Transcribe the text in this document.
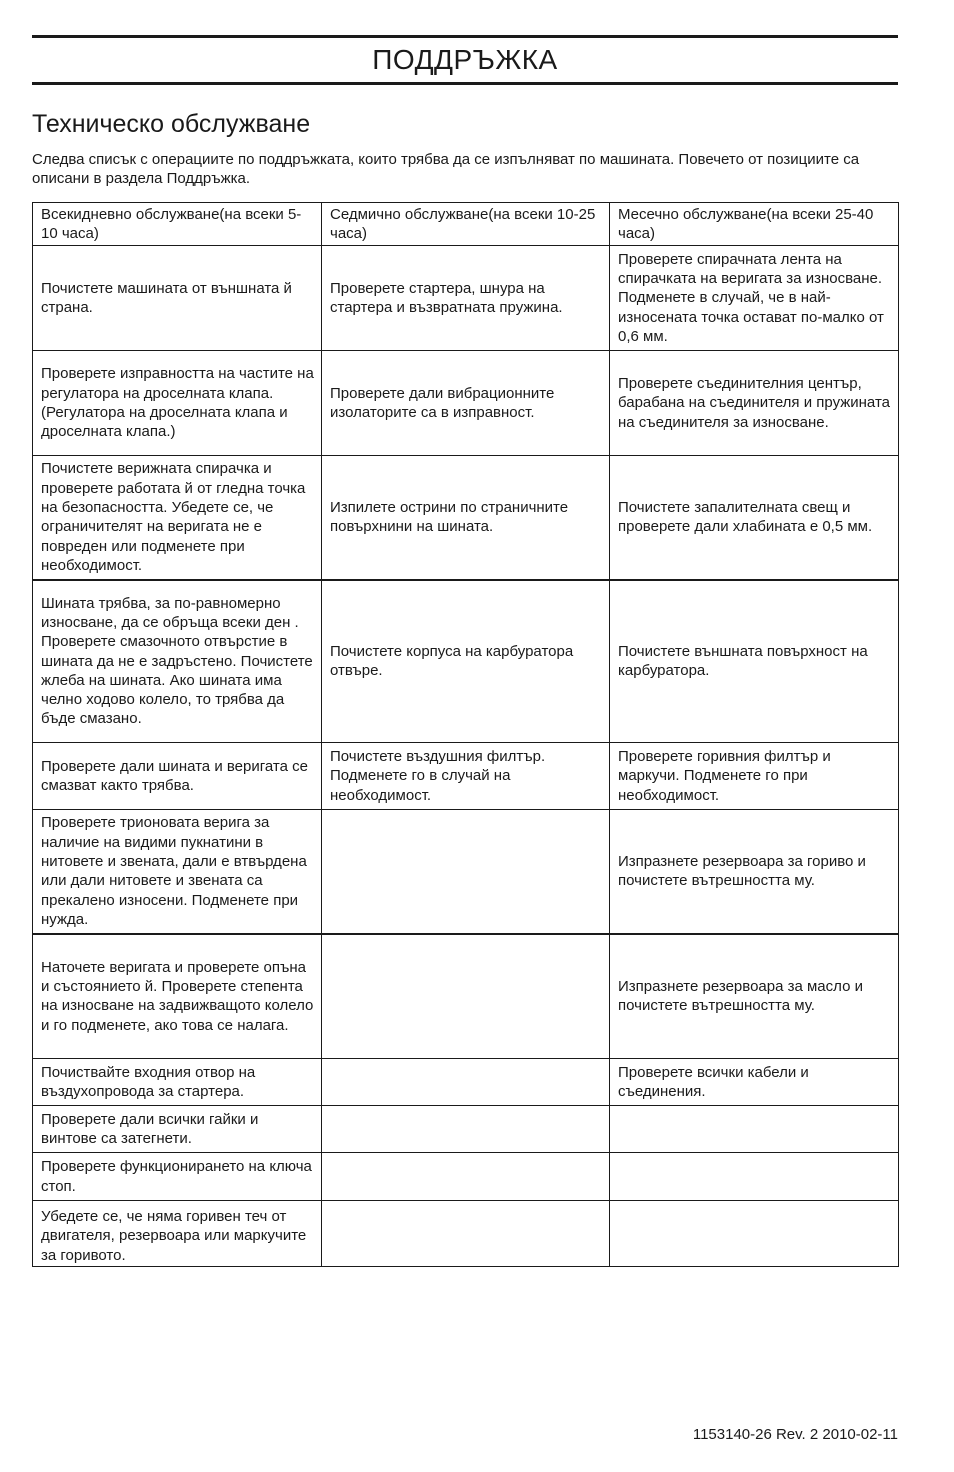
ПОДДРЪЖКА
Техническо обслужване

Следва списък с операциите по поддръжката, които трябва да се изпълняват по машината. Повечето от позициите са описани в раздела Поддръжка.

Всекидневно обслужване(на всеки 5-10 часа)	Седмично обслужване(на всеки 10-25 часа)	Месечно обслужване(на всеки 25-40 часа)
Почистете машината от външната й страна.	Проверете стартера, шнура на стартера и възвратната пружина.	Проверете спирачната лента на спирачката на веригата за износване. Подменете в случай, че в най-износената точка остават по-малко от 0,6 мм.
Проверете изправността на частите на регулатора на дроселната клапа. (Регулатора на дроселната клапа и дроселната клапа.)	Проверете дали вибрационните изолаторите са в изправност.	Проверете съединителния център, барабана на съединителя и пружината на съединителя за износване.
Почистете верижната спирачка и проверете работата й от гледна точка на безопасността. Убедете се, че ограничителят на веригата не е повреден или подменете при необходимост.	Изпилете острини по страничните повърхнини на шината.	Почистете запалителната свещ и проверете дали хлабината е 0,5 мм.
Шината трябва, за по-равномерно износване, да се обръща всеки ден . Проверете смазочното отвърстие в шината да не е задръстено. Почистете жлеба на шината. Ако шината има челно ходово колело, то трябва да бъде смазано.	Почистете корпуса на карбуратора отвъре.	Почистете външната повърхност на карбуратора.
Проверете дали шината и веригата се смазват както трябва.	Почистете въздушния филтър. Подменете го в случай на необходимост.	Проверете горивния филтър и маркучи. Подменете го при необходимост.
Проверете трионовата верига за наличие на видими пукнатини в нитовете и звената, дали е втвърдена или дали нитовете и звената са прекалено износени. Подменете при нужда.		Изпразнете резервоара за гориво и почистете вътрешността му.
Наточете веригата и проверете опъна и състоянието й. Проверете степента на износване на задвижващото колело и го подменете, ако това се налага.		Изпразнете резервоара за масло и почистете вътрешността му.
Почиствайте входния отвор на въздухопровода за стартера.		Проверете всички кабели и съединения.
Проверете дали всички гайки и винтове са затегнети.		
Проверете функционирането на ключа стоп.		
Убедете се, че няма горивен теч от двигателя, резервоара или маркучите за горивото.		
1153140-26 Rev. 2 2010-02-11
